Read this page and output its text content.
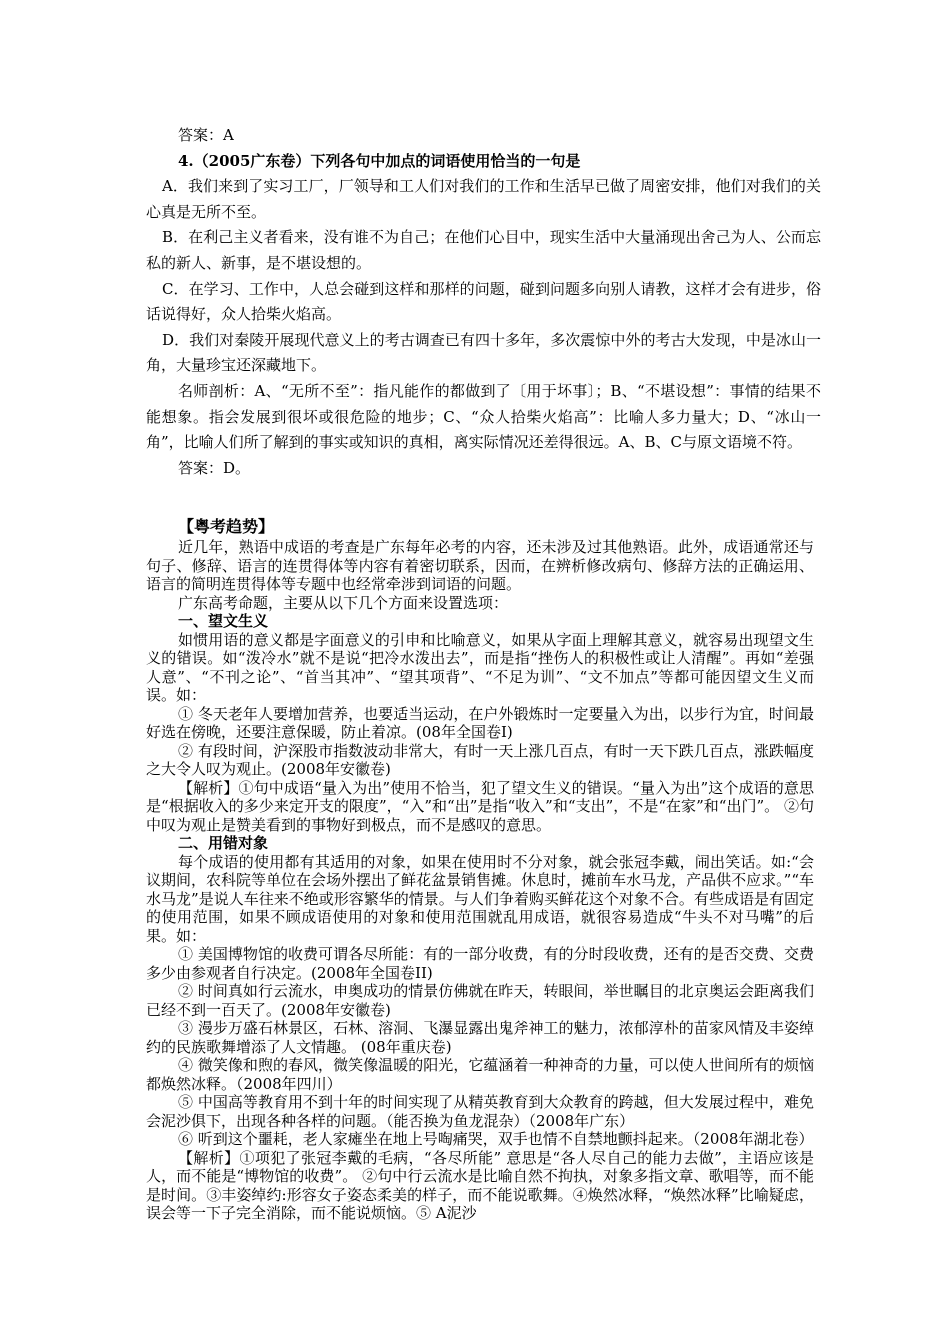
答案：A

4.（2005广东卷）下列各句中加点的词语使用恰当的一句是

A．我们来到了实习工厂，厂领导和工人们对我们的工作和生活早已做了周密安排，他们对我们的关心真是无所不至。

B．在利己主义者看来，没有谁不为自己；在他们心目中，现实生活中大量涌现出舍己为人、公而忘私的新人、新事，是不堪设想的。

C．在学习、工作中，人总会碰到这样和那样的问题，碰到问题多向别人请教，这样才会有进步，俗话说得好，众人拾柴火焰高。

D．我们对秦陵开展现代意义上的考古调查已有四十多年，多次震惊中外的考古大发现，中是冰山一角，大量珍宝还深藏地下。

名师剖析：A、“无所不至”：指凡能作的都做到了〔用于坏事〕；B、“不堪设想”：事情的结果不能想象。指会发展到很坏或很危险的地步；C、“众人拾柴火焰高”：比喻人多力量大；D、“冰山一角”，比喻人们所了解到的事实或知识的真相，离实际情况还差得很远。A、B、C与原文语境不符。

答案：D。

【粤考趋势】

近几年，熟语中成语的考查是广东每年必考的内容，还未涉及过其他熟语。此外，成语通常还与句子、修辞、语言的连贯得体等内容有着密切联系，因而，在辨析修改病句、修辞方法的正确运用、语言的简明连贯得体等专题中也经常牵涉到词语的问题。

广东高考命题，主要从以下几个方面来设置选项：

一、望文生义

如惯用语的意义都是字面意义的引申和比喻意义，如果从字面上理解其意义，就容易出现望文生义的错误。如“泼冷水”就不是说“把冷水泼出去”，而是指“挫伤人的积极性或让人清醒”。再如“差强人意”、“不刊之论”、“首当其冲”、“望其项背”、“不足为训”、“文不加点”等都可能因望文生义而误。如：

① 冬天老年人要增加营养，也要适当运动，在户外锻炼时一定要量入为出，以步行为宜，时间最好选在傍晚，还要注意保暖，防止着凉。(08年全国卷Ⅰ)

② 有段时间，沪深股市指数波动非常大，有时一天上涨几百点，有时一天下跌几百点，涨跌幅度之大令人叹为观止。(2008年安徽卷)

【解析】①句中成语“量入为出”使用不恰当，犯了望文生义的错误。“量入为出”这个成语的意思是“根据收入的多少来定开支的限度”，“入”和“出”是指“收入”和“支出”，不是“在家”和“出门”。 ②句中叹为观止是赞美看到的事物好到极点，而不是感叹的意思。

二、用错对象

每个成语的使用都有其适用的对象，如果在使用时不分对象，就会张冠李戴，闹出笑话。如:“会议期间，农科院等单位在会场外摆出了鲜花盆景销售摊。休息时，摊前车水马龙，产品供不应求。”“车水马龙”是说人车往来不绝或形容繁华的情景。与人们争着购买鲜花这个对象不合。有些成语是有固定的使用范围，如果不顾成语使用的对象和使用范围就乱用成语，就很容易造成“牛头不对马嘴”的后果。如：

① 美国博物馆的收费可谓各尽所能：有的一部分收费，有的分时段收费，还有的是否交费、交费多少由参观者自行决定。(2008年全国卷II)

② 时间真如行云流水，申奥成功的情景仿佛就在昨天，转眼间，举世瞩目的北京奥运会距离我们已经不到一百天了。(2008年安徽卷)

③ 漫步万盛石林景区，石林、溶洞、飞瀑显露出鬼斧神工的魅力，浓郁淳朴的苗家风情及丰姿绰约的民族歌舞增添了人文情趣。 (08年重庆卷)

④ 微笑像和煦的春风，微笑像温暖的阳光，它蕴涵着一种神奇的力量，可以使人世间所有的烦恼都焕然冰释。（2008年四川）

⑤ 中国高等教育用不到十年的时间实现了从精英教育到大众教育的跨越，但大发展过程中，难免会泥沙俱下，出现各种各样的问题。（能否换为鱼龙混杂）（2008年广东）

⑥ 听到这个噩耗，老人家瘫坐在地上号啕痛哭，双手也情不自禁地颤抖起来。（2008年湖北卷）

【解析】①项犯了张冠李戴的毛病，“各尽所能” 意思是“各人尽自己的能力去做”，主语应该是人，而不能是“博物馆的收费”。 ②句中行云流水是比喻自然不拘执，对象多指文章、歌唱等，而不能是时间。③丰姿绰约:形容女子姿态柔美的样子，而不能说歌舞。④焕然冰释，“焕然冰释”比喻疑虑，误会等一下子完全消除，而不能说烦恼。⑤ A泥沙
